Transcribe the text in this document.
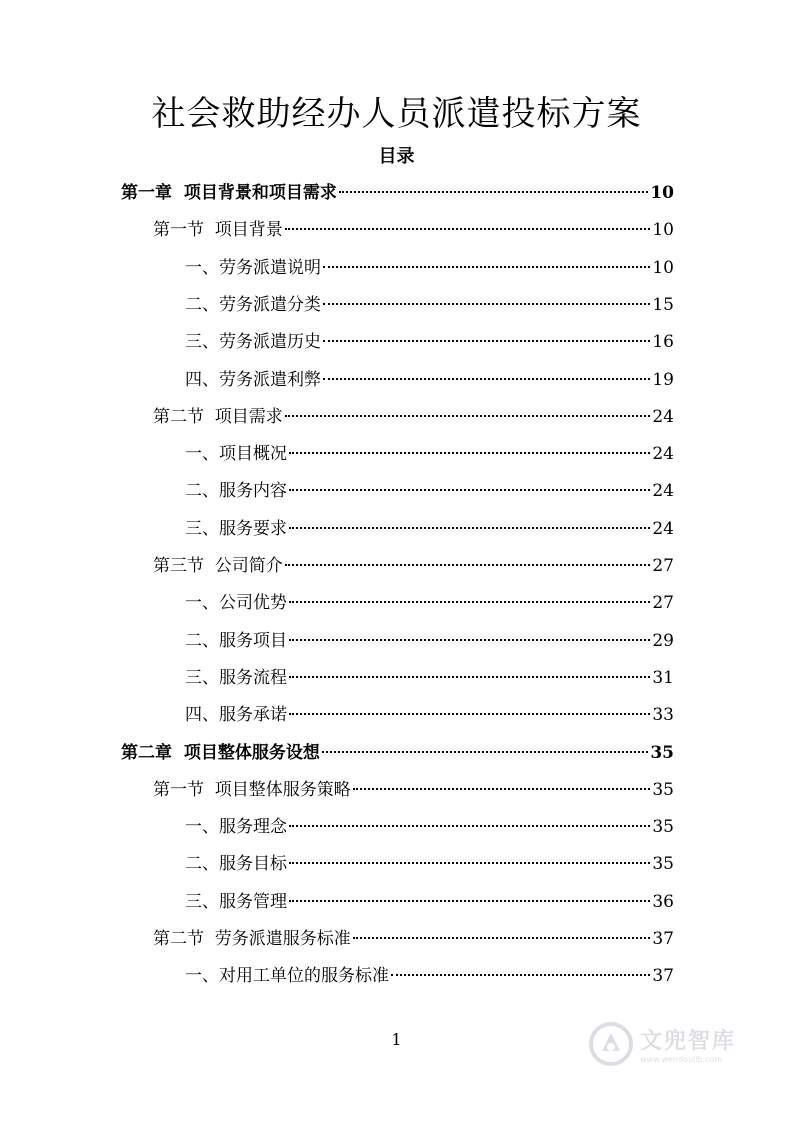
社会救助经办人员派遣投标方案
目录
第一章  项目背景和项目需求	10
第一节  项目背景	10
一、劳务派遣说明	10
二、劳务派遣分类	15
三、劳务派遣历史	16
四、劳务派遣利弊	19
第二节  项目需求	24
一、项目概况	24
二、服务内容	24
三、服务要求	24
第三节  公司简介	27
一、公司优势	27
二、服务项目	29
三、服务流程	31
四、服务承诺	33
第二章  项目整体服务设想	35
第一节  项目整体服务策略	35
一、服务理念	35
二、服务目标	35
三、服务管理	36
第二节  劳务派遣服务标准	37
一、对用工单位的服务标准	37
1	文兜智库
www.wendoulib.com
